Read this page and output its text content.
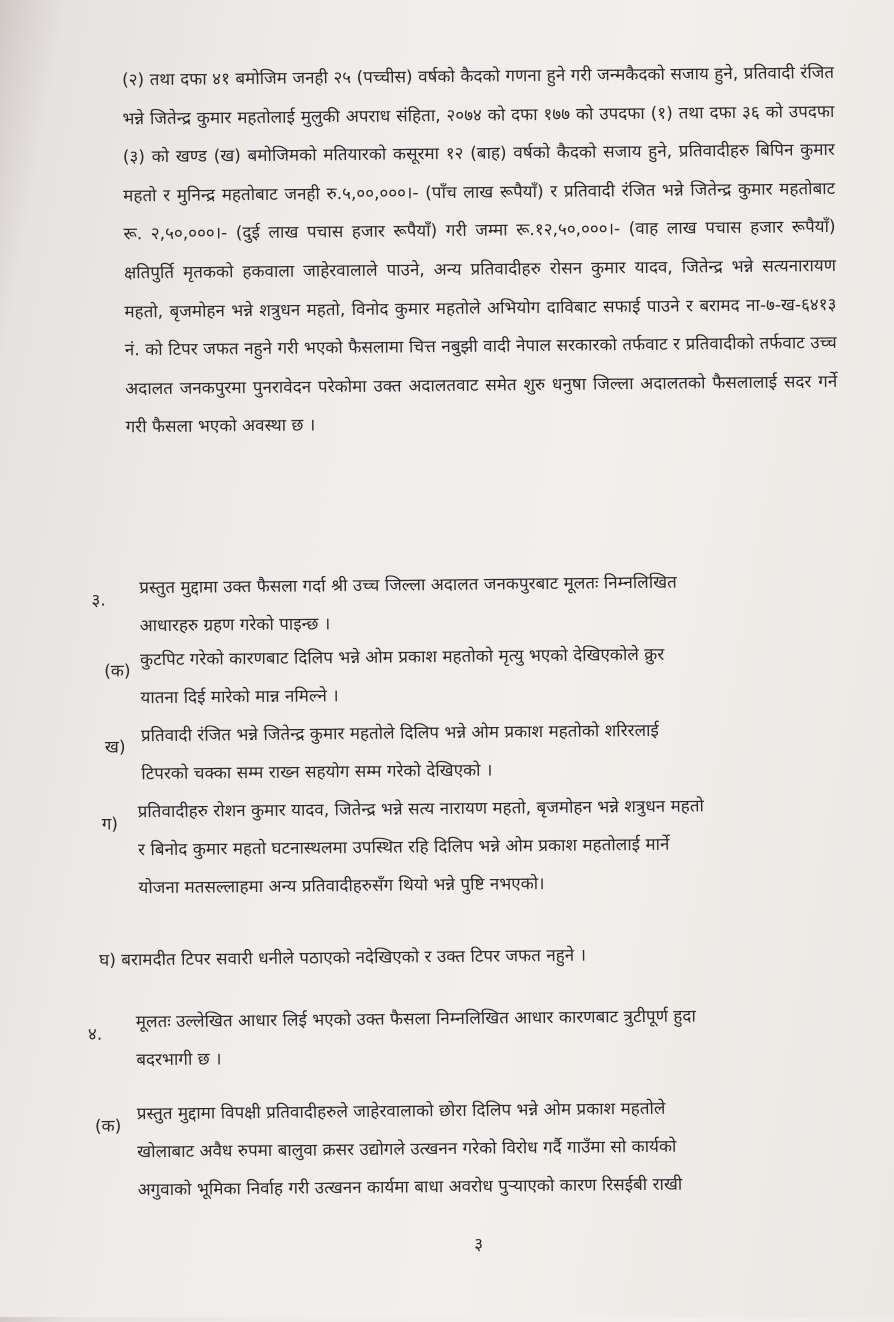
(२) तथा दफा ४१ बमोजिम जनही २५ (पच्चीस) वर्षको कैदको गणना हुने गरी जन्मकैदको सजाय हुने, प्रतिवादी रंजित भन्ने जितेन्द्र कुमार महतोलाई मुलुकी अपराध संहिता, २०७४ को दफा १७७ को उपदफा (१) तथा दफा ३६ को उपदफा (३) को खण्ड (ख) बमोजिमको मतियारको कसूरमा १२ (बाह) वर्षको कैदको सजाय हुने, प्रतिवादीहरु बिपिन कुमार महतो र मुनिन्द्र महतोबाट जनही रु.५,००,०००।- (पाँच लाख रूपैयाँ) र प्रतिवादी रंजित भन्ने जितेन्द्र कुमार महतोबाट रू. २,५०,०००।- (दुई लाख पचास हजार रूपैयाँ) गरी जम्मा रू.१२,५०,०००।- (वाह लाख पचास हजार रूपैयाँ) क्षतिपुर्ति मृतकको हकवाला जाहेरवालाले पाउने, अन्य प्रतिवादीहरु रोसन कुमार यादव, जितेन्द्र भन्ने सत्यनारायण महतो, बृजमोहन भन्ने शत्रुधन महतो, विनोद कुमार महतोले अभियोग दाविबाट सफाई पाउने र बरामद ना-७-ख-६४१३ नं. को टिपर जफत नहुने गरी भएको फैसलामा चित्त नबुझी वादी नेपाल सरकारको तर्फवाट र प्रतिवादीको तर्फवाट उच्च अदालत जनकपुरमा पुनरावेदन परेकोमा उक्त अदालतवाट समेत शुरु धनुषा जिल्ला अदालतको फैसलालाई सदर गर्ने गरी फैसला भएको अवस्था छ ।

३.
प्रस्तुत मुद्दामा उक्त फैसला गर्दा श्री उच्च जिल्ला अदालत जनकपुरबाट मूलतः निम्नलिखित
आधारहरु ग्रहण गरेको पाइन्छ ।
(क)
कुटपिट गरेको कारणबाट दिलिप भन्ने ओम प्रकाश महतोको मृत्यु भएको देखिएकोले क्रुर
यातना दिई मारेको मान्न नमिल्ने ।
ख)
प्रतिवादी रंजित भन्ने जितेन्द्र कुमार महतोले दिलिप भन्ने ओम प्रकाश महतोको शरिरलाई
टिपरको चक्का सम्म राख्न सहयोग सम्म गरेको देखिएको ।
ग)
प्रतिवादीहरु रोशन कुमार यादव, जितेन्द्र भन्ने सत्य नारायण महतो, बृजमोहन भन्ने शत्रुधन महतो
र बिनोद कुमार महतो घटनास्थलमा उपस्थित रहि दिलिप भन्ने ओम प्रकाश महतोलाई मार्ने
योजना मतसल्लाहमा अन्य प्रतिवादीहरुसँग थियो भन्ने पुष्टि नभएको।
घ) बरामदीत टिपर सवारी धनीले पठाएको नदेखिएको र उक्त टिपर जफत नहुने ।
४.
मूलतः उल्लेखित आधार लिई भएको उक्त फैसला निम्नलिखित आधार कारणबाट त्रुटीपूर्ण हुदा
बदरभागी छ ।
(क)
प्रस्तुत मुद्दामा विपक्षी प्रतिवादीहरुले जाहेरवालाको छोरा दिलिप भन्ने ओम प्रकाश महतोले
खोलाबाट अवैध रुपमा बालुवा क्रसर उद्योगले उत्खनन गरेको विरोध गर्दै गाउँमा सो कार्यको
अगुवाको भूमिका निर्वाह गरी उत्खनन कार्यमा बाधा अवरोध पुर्‍याएको कारण रिसईबी राखी
३
